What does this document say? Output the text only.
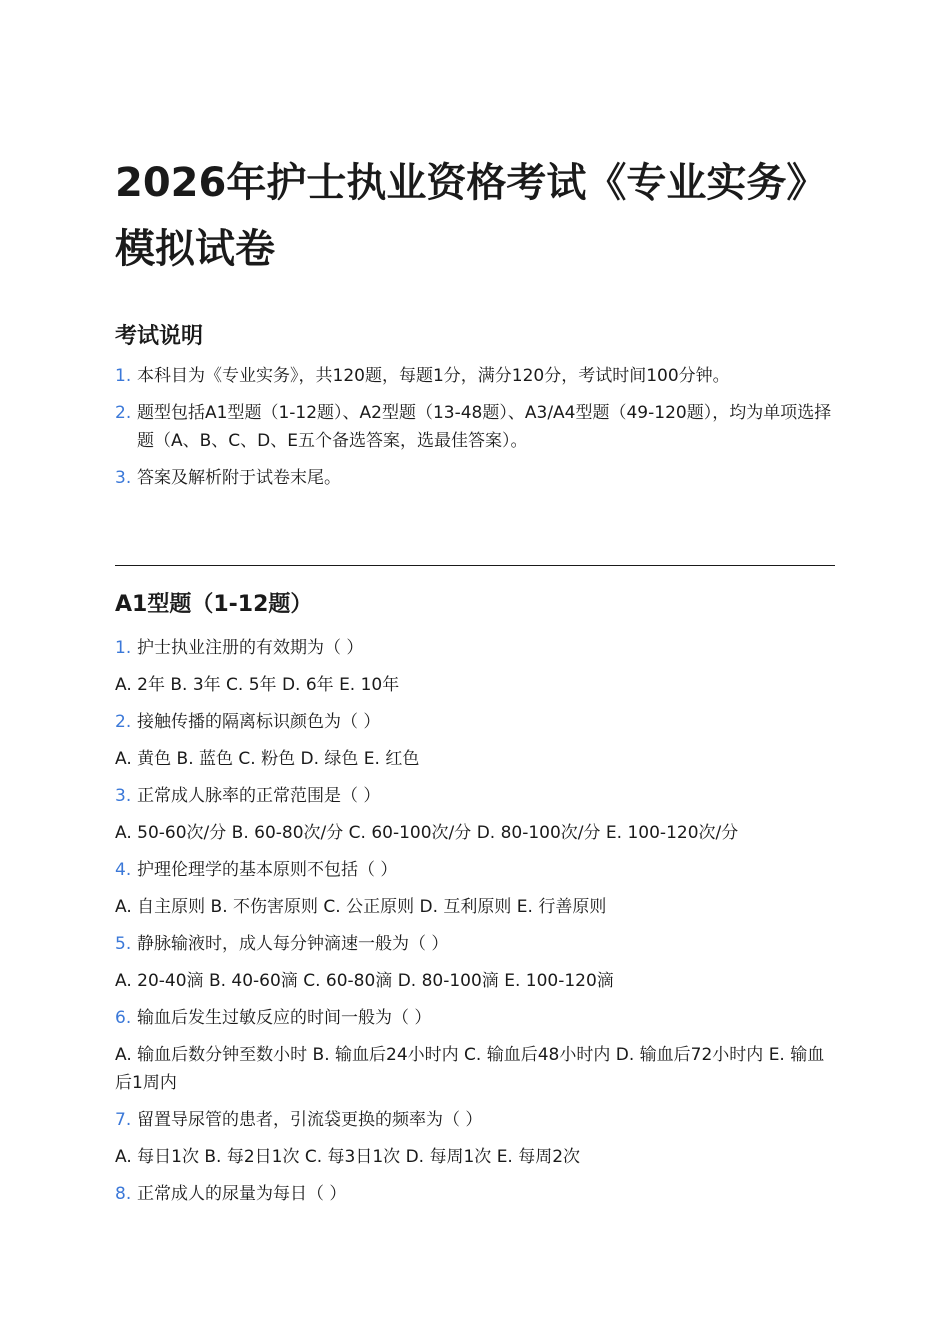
2026年护士执业资格考试《专业实务》模拟试卷
考试说明
1. 本科目为《专业实务》，共120题，每题1分，满分120分，考试时间100分钟。
2. 题型包括A1型题（1-12题）、A2型题（13-48题）、A3/A4型题（49-120题），均为单项选择题（A、B、C、D、E五个备选答案，选最佳答案）。
3. 答案及解析附于试卷末尾。
A1型题（1-12题）
1. 护士执业注册的有效期为（ ）
A. 2年 B. 3年 C. 5年 D. 6年 E. 10年
2. 接触传播的隔离标识颜色为（ ）
A. 黄色 B. 蓝色 C. 粉色 D. 绿色 E. 红色
3. 正常成人脉率的正常范围是（ ）
A. 50-60次/分 B. 60-80次/分 C. 60-100次/分 D. 80-100次/分 E. 100-120次/分
4. 护理伦理学的基本原则不包括（ ）
A. 自主原则 B. 不伤害原则 C. 公正原则 D. 互利原则 E. 行善原则
5. 静脉输液时，成人每分钟滴速一般为（ ）
A. 20-40滴 B. 40-60滴 C. 60-80滴 D. 80-100滴 E. 100-120滴
6. 输血后发生过敏反应的时间一般为（ ）
A. 输血后数分钟至数小时 B. 输血后24小时内 C. 输血后48小时内 D. 输血后72小时内 E. 输血后1周内
7. 留置导尿管的患者，引流袋更换的频率为（ ）
A. 每日1次 B. 每2日1次 C. 每3日1次 D. 每周1次 E. 每周2次
8. 正常成人的尿量为每日（ ）
